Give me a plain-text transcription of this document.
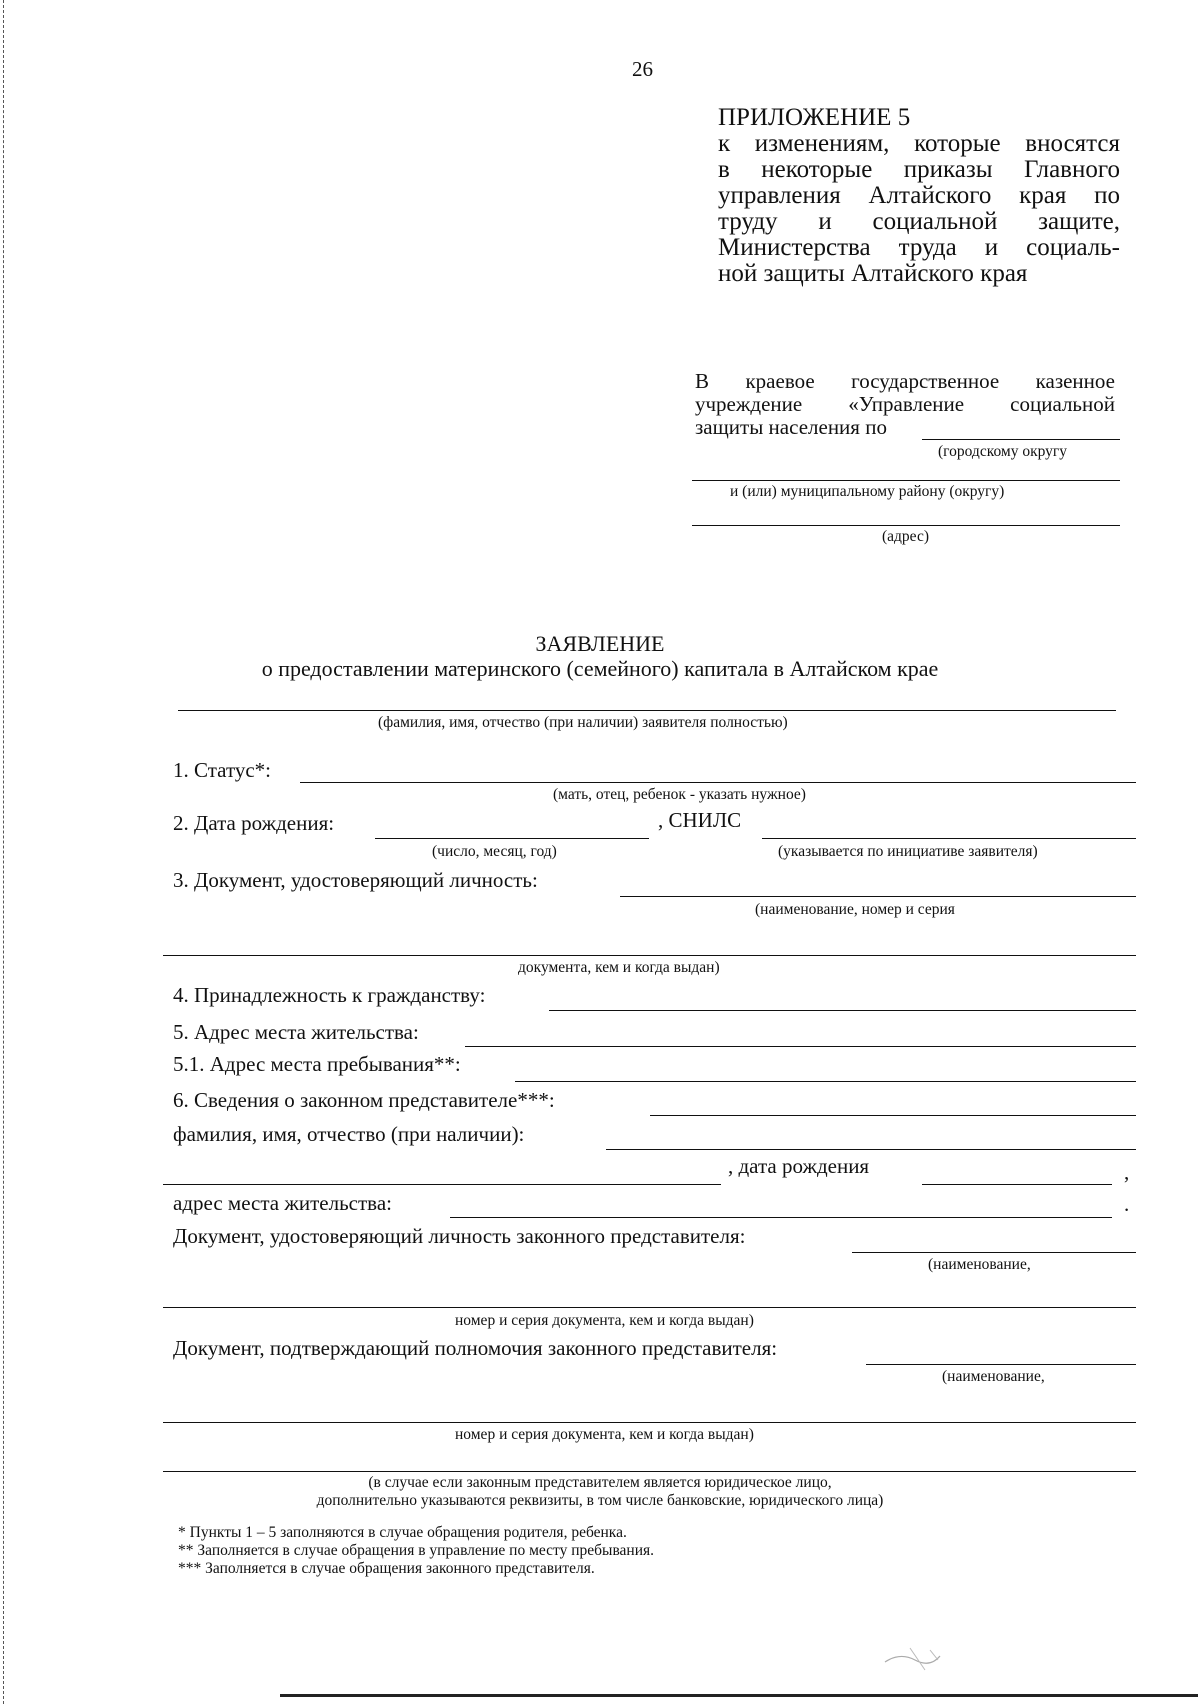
26
ПРИЛОЖЕНИЕ 5
к изменениям, которые вносятся
в некоторые приказы Главного
управления Алтайского края по
труду и социальной защите,
Министерства труда и социаль-
ной защиты Алтайского края
В краевое государственное казенное
учреждение «Управление социальной
защиты населения по
(городскому округу
и (или) муниципальному району (округу)
(адрес)
ЗАЯВЛЕНИЕ
о предоставлении материнского (семейного) капитала в Алтайском крае
(фамилия, имя, отчество (при наличии) заявителя полностью)
1. Статус*:
(мать, отец, ребенок - указать нужное)
2. Дата рождения:	, СНИЛС
(число, месяц, год)	(указывается по инициативе заявителя)
3. Документ, удостоверяющий личность:
(наименование, номер и серия
документа, кем и когда выдан)
4. Принадлежность к гражданству:
5. Адрес места жительства:
5.1. Адрес места пребывания**:
6. Сведения о законном представителе***:
фамилия, имя, отчество (при наличии):
, дата рождения	,
адрес места жительства:	.
Документ, удостоверяющий личность законного представителя:
(наименование,
номер и серия документа, кем и когда выдан)
Документ, подтверждающий полномочия законного представителя:
(наименование,
номер и серия документа, кем и когда выдан)
(в случае если законным представителем является юридическое лицо,
дополнительно указываются реквизиты, в том числе банковские, юридического лица)
* Пункты 1 – 5 заполняются в случае обращения родителя, ребенка.
** Заполняется в случае обращения в управление по месту пребывания.
*** Заполняется в случае обращения законного представителя.
